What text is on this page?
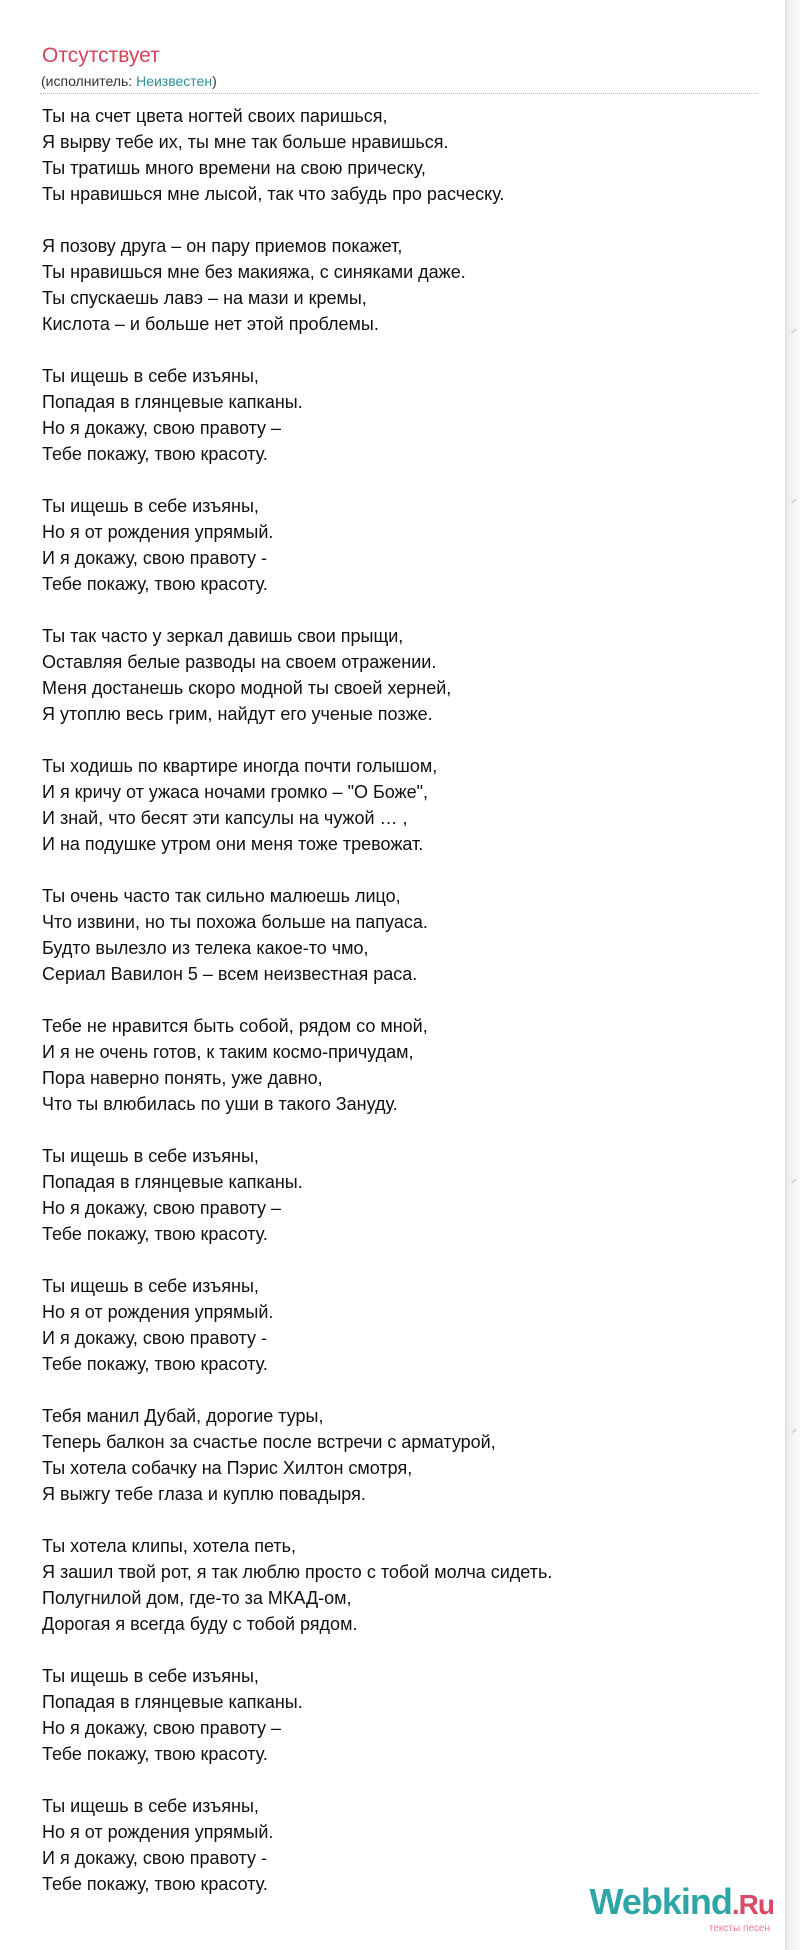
Отсутствует
(исполнитель: Неизвестен)
Ты на счет цвета ногтей своих паришься,
Я вырву тебе их, ты мне так больше нравишься.
Ты тратишь много времени на свою прическу,
Ты нравишься мне лысой, так что забудь про расческу.
Я позову друга – он пару приемов покажет,
Ты нравишься мне без макияжа, с синяками даже.
Ты спускаешь лавэ – на мази и кремы,
Кислота – и больше нет этой проблемы.
Ты ищешь в себе изъяны,
Попадая в глянцевые капканы.
Но я докажу, свою правоту –
Тебе покажу, твою красоту.
Ты ищешь в себе изъяны,
Но я от рождения упрямый.
И я докажу, свою правоту -
Тебе покажу, твою красоту.
Ты так часто у зеркал давишь свои прыщи,
Оставляя белые разводы на своем отражении.
Меня достанешь скоро модной ты своей херней,
Я утоплю весь грим, найдут его ученые позже.
Ты ходишь по квартире иногда почти голышом,
И я кричу от ужаса ночами громко – "О Боже",
И знай, что бесят эти капсулы на чужой … ,
И на подушке утром они меня тоже тревожат.
Ты очень часто так сильно малюешь лицо,
Что извини, но ты похожа больше на папуаса.
Будто вылезло из телека какое-то чмо,
Сериал Вавилон 5 – всем неизвестная раса.
Тебе не нравится быть собой, рядом со мной,
И я не очень готов, к таким космо-причудам,
Пора наверно понять, уже давно,
Что ты влюбилась по уши в такого Зануду.
Ты ищешь в себе изъяны,
Попадая в глянцевые капканы.
Но я докажу, свою правоту –
Тебе покажу, твою красоту.
Ты ищешь в себе изъяны,
Но я от рождения упрямый.
И я докажу, свою правоту -
Тебе покажу, твою красоту.
Тебя манил Дубай, дорогие туры,
Теперь балкон за счастье после встречи с арматурой,
Ты хотела собачку на Пэрис Хилтон смотря,
Я выжгу тебе глаза и куплю повадыря.
Ты хотела клипы, хотела петь,
Я зашил твой рот, я так люблю просто с тобой молча сидеть.
Полугнилой дом, где-то за МКАД-ом,
Дорогая я всегда буду с тобой рядом.
Ты ищешь в себе изъяны,
Попадая в глянцевые капканы.
Но я докажу, свою правоту –
Тебе покажу, твою красоту.
Ты ищешь в себе изъяны,
Но я от рождения упрямый.
И я докажу, свою правоту -
Тебе покажу, твою красоту.	Webkind.Ru
тексты песен
